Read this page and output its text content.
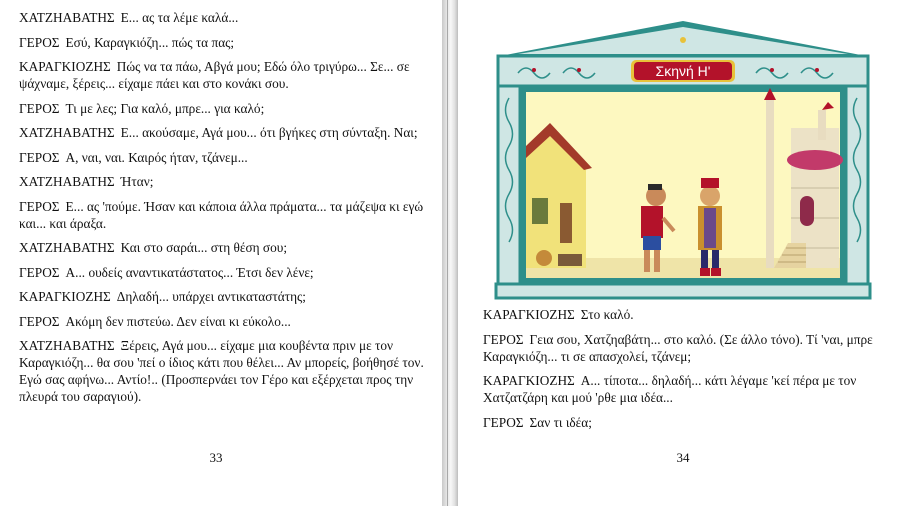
ΧΑΤΖΗΑΒΑΤΗΣ Ε... ας τα λέμε καλά...

ΓΕΡΟΣ Εσύ, Καραγκιόζη... πώς τα πας;

ΚΑΡΑΓΚΙΟΖΗΣ Πώς να τα πάω, Αβγά μου; Εδώ όλο τριγύρω... Σε... σε ψάχναμε, ξέρεις... είχαμε πάει και στο κονάκι σου.

ΓΕΡΟΣ Τι με λες; Για καλό, μπρε... για καλό;

ΧΑΤΖΗΑΒΑΤΗΣ Ε... ακούσαμε, Αγά μου... ότι βγήκες στη σύνταξη. Ναι;

ΓΕΡΟΣ Α, ναι, ναι. Καιρός ήταν, τζάνεμ...

ΧΑΤΖΗΑΒΑΤΗΣ Ήταν;

ΓΕΡΟΣ Ε... ας 'πούμε. Ήσαν και κάποια άλλα πράματα... τα μάζεψα κι εγώ και... και άραξα.

ΧΑΤΖΗΑΒΑΤΗΣ Και στο σαράι... στη θέση σου;

ΓΕΡΟΣ Α... ουδείς αναντικατάστατος... Έτσι δεν λένε;

ΚΑΡΑΓΚΙΟΖΗΣ Δηλαδή... υπάρχει αντικαταστάτης;

ΓΕΡΟΣ Ακόμη δεν πιστεύω. Δεν είναι κι εύκολο...

ΧΑΤΖΗΑΒΑΤΗΣ Ξέρεις, Αγά μου... είχαμε μια κουβέντα πριν με τον Καραγκιόζη... θα σου 'πεί ο ίδιος κάτι που θέλει... Αν μπορείς, βοήθησέ τον. Εγώ σας αφήνω... Αντίο!.. (Προσπερνάει τον Γέρο και εξέρχεται προς την πλευρά του σαραγιού).

33
Σκηνή Η'

ΚΑΡΑΓΚΙΟΖΗΣ Στο καλό.

ΓΕΡΟΣ Γεια σου, Χατζηαβάτη... στο καλό. (Σε άλλο τόνο). Τί 'ναι, μπρε Καραγκιόζη... τι σε απασχολεί, τζάνεμ;

ΚΑΡΑΓΚΙΟΖΗΣ Α... τίποτα... δηλαδή... κάτι λέγαμε 'κεί πέρα με τον Χατζατζάρη και μού 'ρθε μια ιδέα...

ΓΕΡΟΣ Σαν τι ιδέα;

34
